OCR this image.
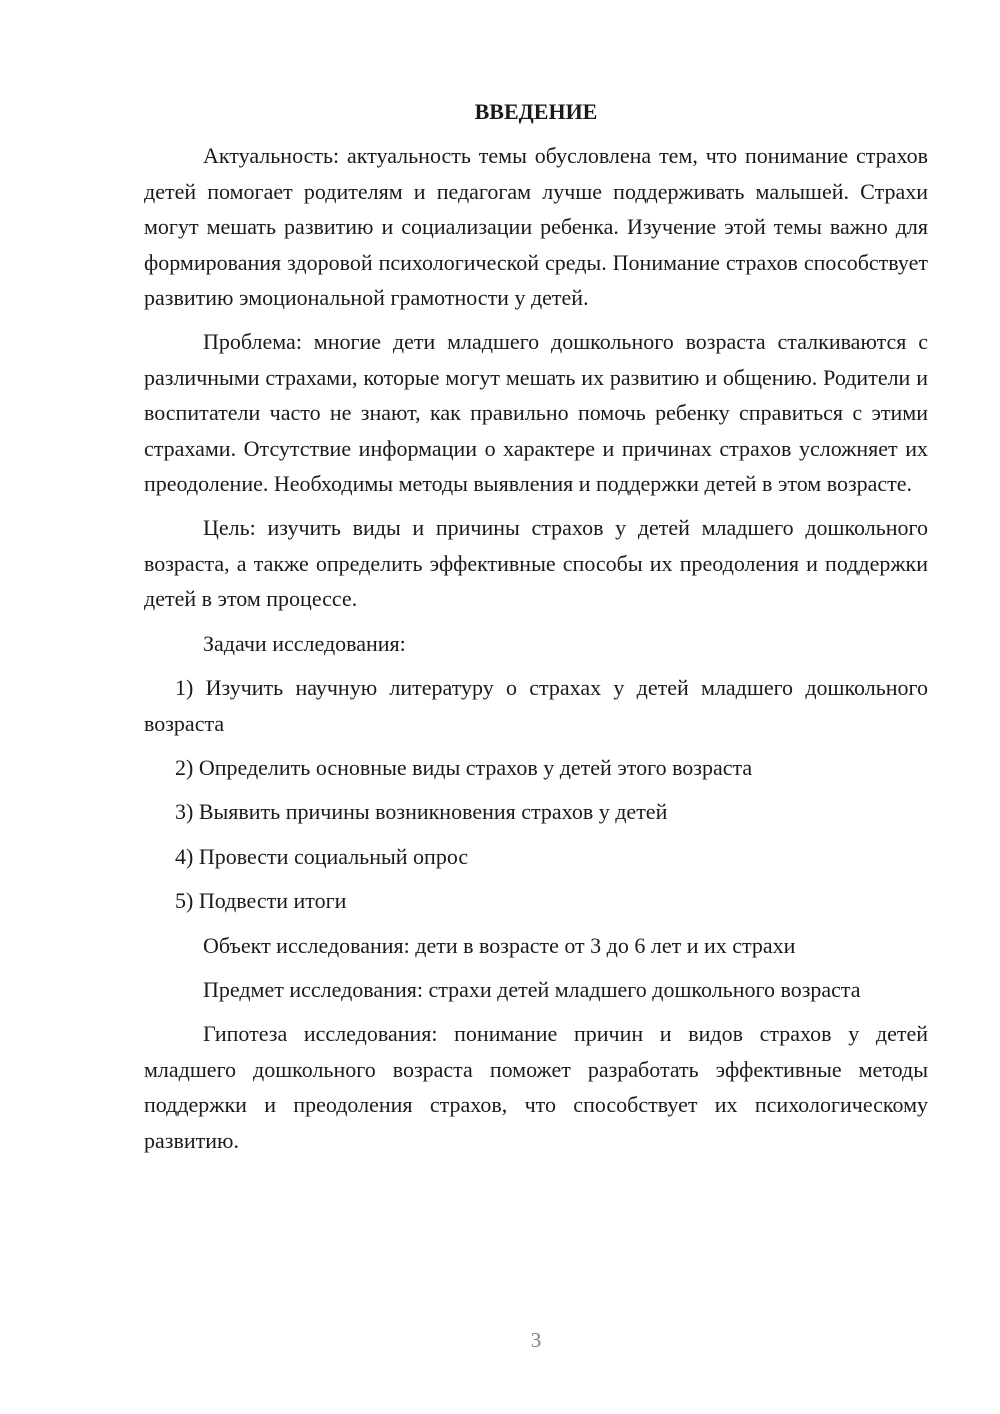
ВВЕДЕНИЕ

Актуальность: актуальность темы обусловлена тем, что понимание страхов детей помогает родителям и педагогам лучше поддерживать малышей. Страхи могут мешать развитию и социализации ребенка. Изучение этой темы важно для формирования здоровой психологической среды. Понимание страхов способствует развитию эмоциональной грамотности у детей.

Проблема: многие дети младшего дошкольного возраста сталкиваются с различными страхами, которые могут мешать их развитию и общению. Родители и воспитатели часто не знают, как правильно помочь ребенку справиться с этими страхами. Отсутствие информации о характере и причинах страхов усложняет их преодоление. Необходимы методы выявления и поддержки детей в этом возрасте.

Цель: изучить виды и причины страхов у детей младшего дошкольного возраста, а также определить эффективные способы их преодоления и поддержки детей в этом процессе.

Задачи исследования:

1) Изучить научную литературу о страхах у детей младшего дошкольного возраста

2) Определить основные виды страхов у детей этого возраста

3) Выявить причины возникновения страхов у детей

4) Провести социальный опрос

5) Подвести итоги

Объект исследования: дети в возрасте от 3 до 6 лет и их страхи

Предмет исследования: страхи детей младшего дошкольного возраста

Гипотеза исследования: понимание причин и видов страхов у детей младшего дошкольного возраста поможет разработать эффективные методы поддержки и преодоления страхов, что способствует их психологическому развитию.

3
